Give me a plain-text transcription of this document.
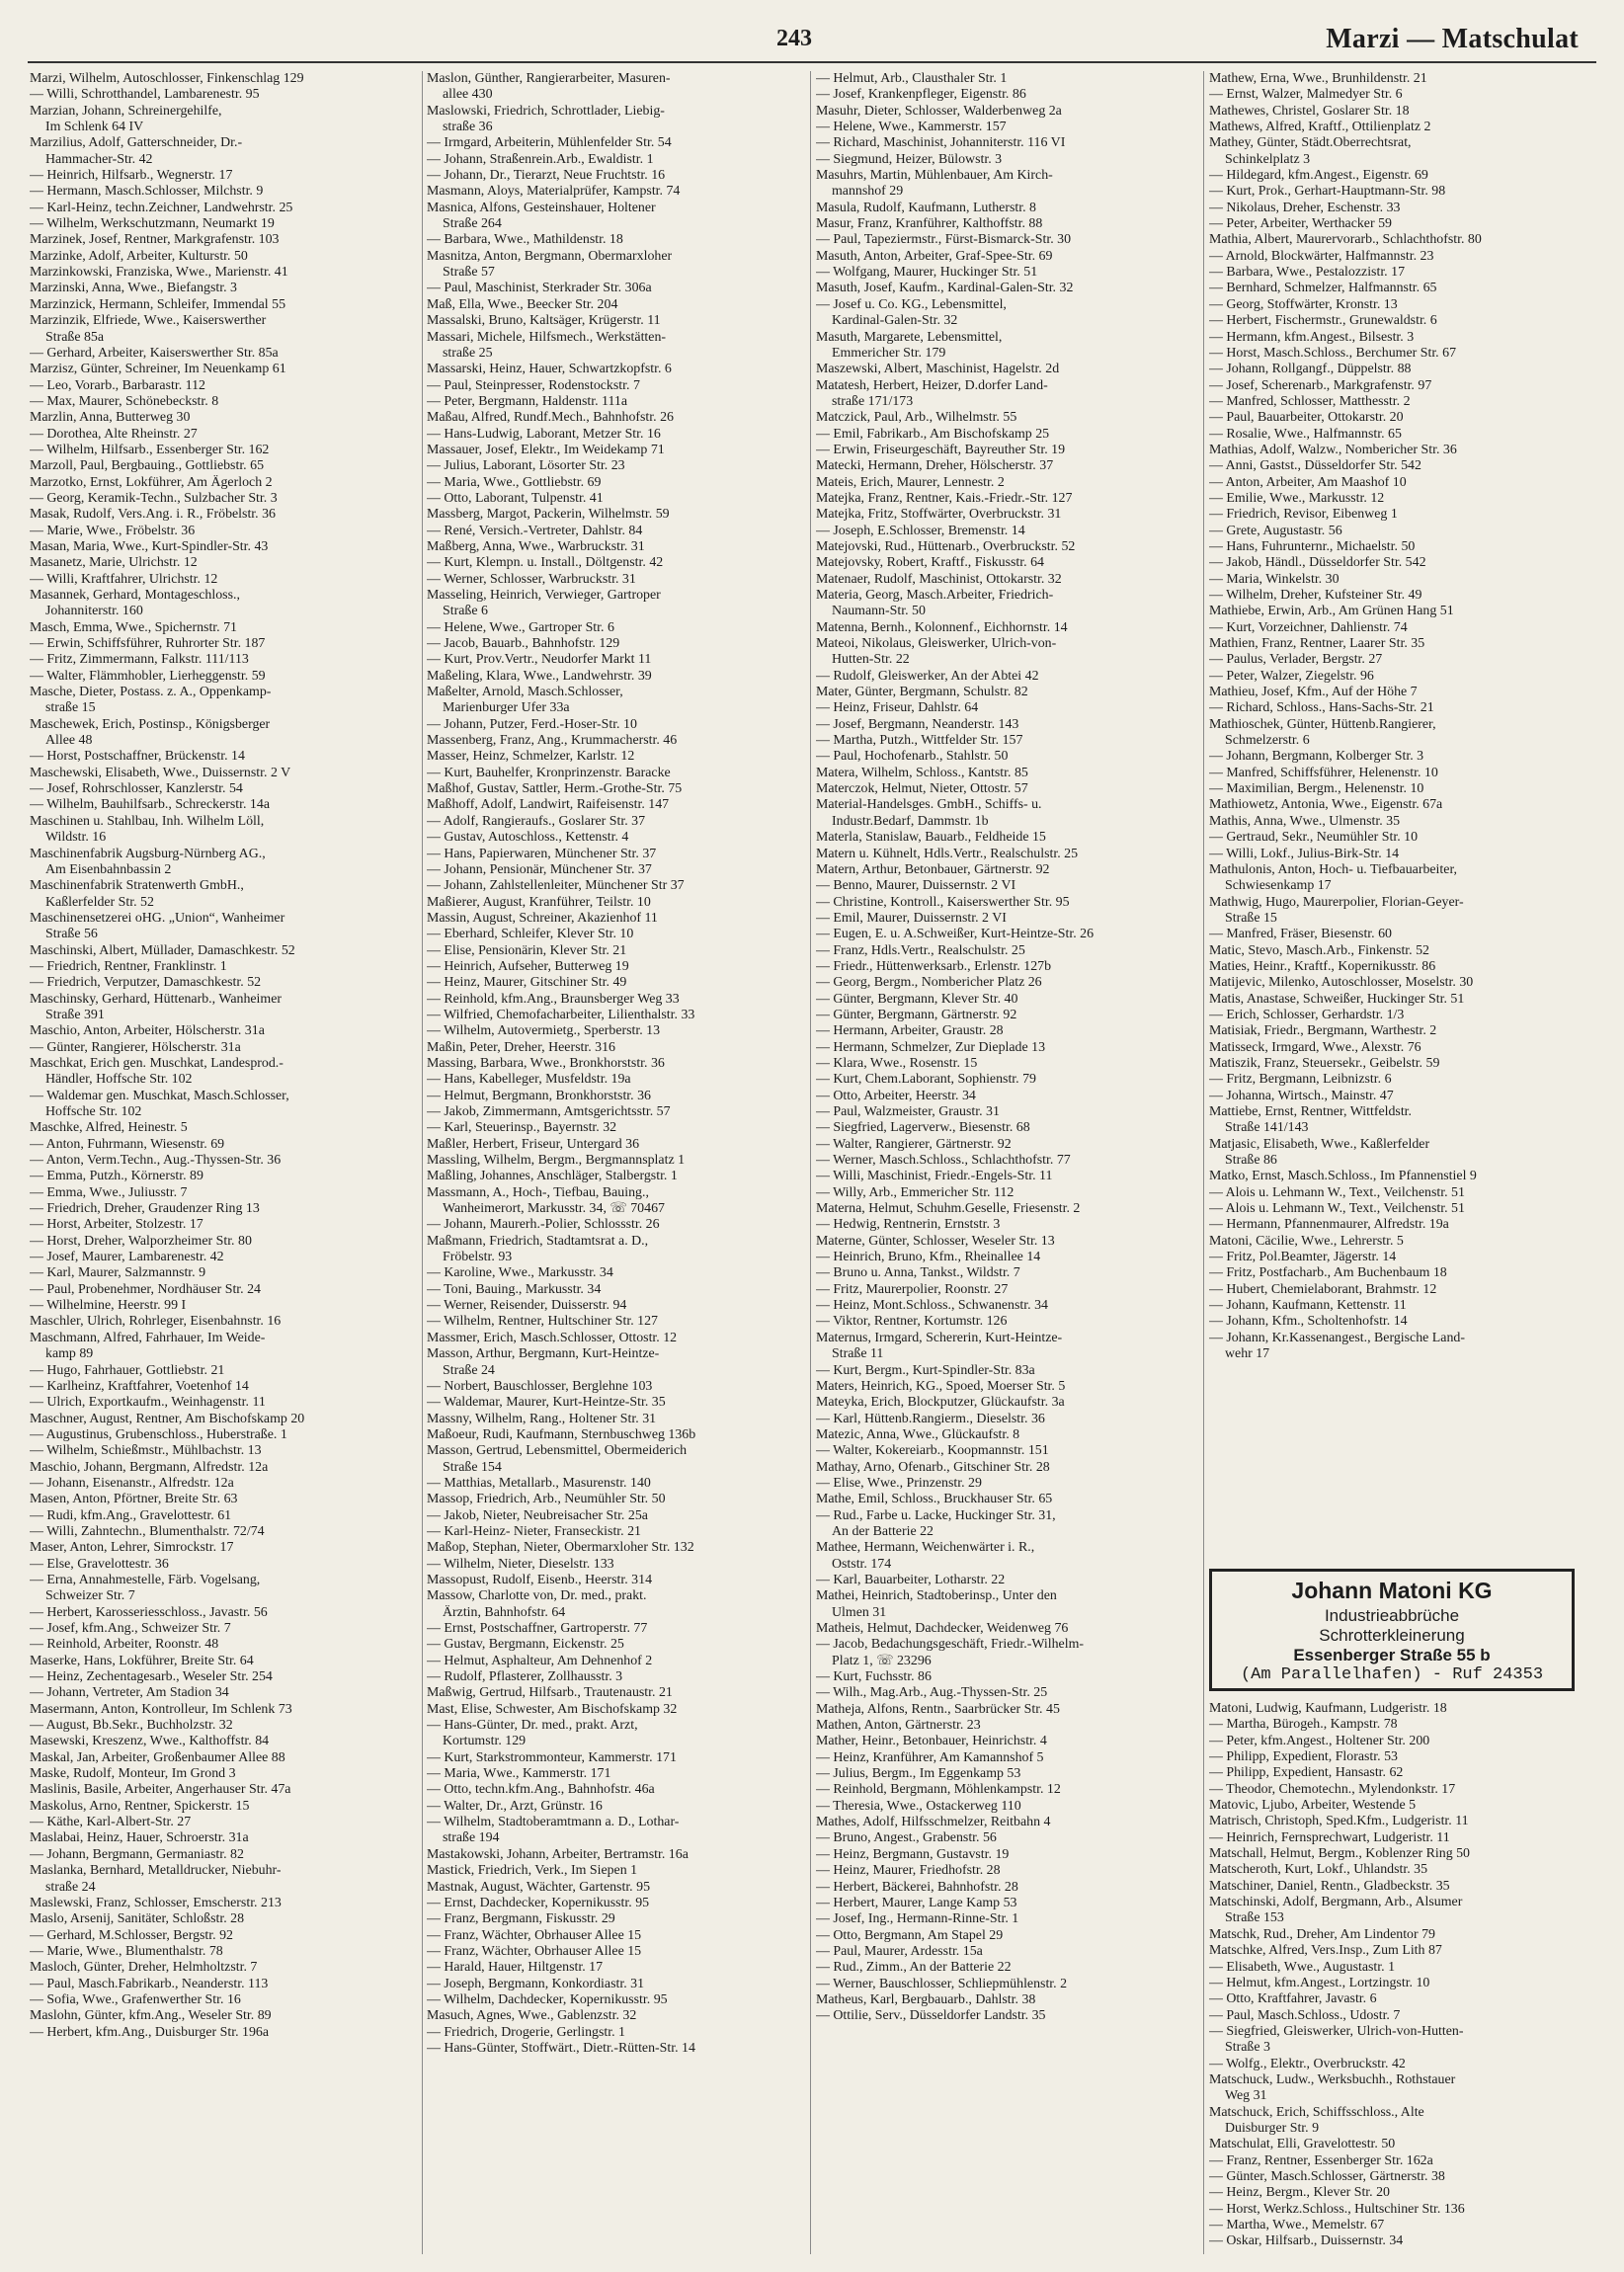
243	Marzi — Matschulat
Marzi, Wilhelm, Autoschlosser, Finkenschlag 129
— Willi, Schrotthandel, Lambarenestr. 95
Marzian, Johann, Schreinergehilfe,
Im Schlenk 64 IV
Marzilius, Adolf, Gatterschneider, Dr.-
Hammacher-Str. 42
— Heinrich, Hilfsarb., Wegnerstr. 17
— Hermann, Masch.Schlosser, Milchstr. 9
— Karl-Heinz, techn.Zeichner, Landwehrstr. 25
— Wilhelm, Werkschutzmann, Neumarkt 19
Marzinek, Josef, Rentner, Markgrafenstr. 103
Marzinke, Adolf, Arbeiter, Kulturstr. 50
Marzinkowski, Franziska, Wwe., Marienstr. 41
Marzinski, Anna, Wwe., Biefangstr. 3
Marzinzick, Hermann, Schleifer, Immendal 55
Marzinzik, Elfriede, Wwe., Kaiserswerther
Straße 85a
— Gerhard, Arbeiter, Kaiserswerther Str. 85a
Marzisz, Günter, Schreiner, Im Neuenkamp 61
— Leo, Vorarb., Barbarastr. 112
— Max, Maurer, Schönebeckstr. 8
Marzlin, Anna, Butterweg 30
— Dorothea, Alte Rheinstr. 27
— Wilhelm, Hilfsarb., Essenberger Str. 162
Marzoll, Paul, Bergbauing., Gottliebstr. 65
Marzotko, Ernst, Lokführer, Am Ägerloch 2
— Georg, Keramik-Techn., Sulzbacher Str. 3
Masak, Rudolf, Vers.Ang. i. R., Fröbelstr. 36
— Marie, Wwe., Fröbelstr. 36
Masan, Maria, Wwe., Kurt-Spindler-Str. 43
Masanetz, Marie, Ulrichstr. 12
— Willi, Kraftfahrer, Ulrichstr. 12
Masannek, Gerhard, Montageschloss.,
Johanniterstr. 160
Masch, Emma, Wwe., Spichernstr. 71
— Erwin, Schiffsführer, Ruhrorter Str. 187
— Fritz, Zimmermann, Falkstr. 111/113
— Walter, Flämmhobler, Lierheggenstr. 59
Masche, Dieter, Postass. z. A., Oppenkamp-
straße 15
Maschewek, Erich, Postinsp., Königsberger
Allee 48
— Horst, Postschaffner, Brückenstr. 14
Maschewski, Elisabeth, Wwe., Duissernstr. 2 V
— Josef, Rohrschlosser, Kanzlerstr. 54
— Wilhelm, Bauhilfsarb., Schreckerstr. 14a
Maschinen u. Stahlbau, Inh. Wilhelm Löll,
Wildstr. 16
Maschinenfabrik Augsburg-Nürnberg AG.,
Am Eisenbahnbassin 2
Maschinenfabrik Stratenwerth GmbH.,
Kaßlerfelder Str. 52
Maschinensetzerei oHG. „Union“, Wanheimer
Straße 56
Maschinski, Albert, Müllader, Damaschkestr. 52
— Friedrich, Rentner, Franklinstr. 1
— Friedrich, Verputzer, Damaschkestr. 52
Maschinsky, Gerhard, Hüttenarb., Wanheimer
Straße 391
Maschio, Anton, Arbeiter, Hölscherstr. 31a
— Günter, Rangierer, Hölscherstr. 31a
Maschkat, Erich gen. Muschkat, Landesprod.-
Händler, Hoffsche Str. 102
— Waldemar gen. Muschkat, Masch.Schlosser,
Hoffsche Str. 102
Maschke, Alfred, Heinestr. 5
— Anton, Fuhrmann, Wiesenstr. 69
— Anton, Verm.Techn., Aug.-Thyssen-Str. 36
— Emma, Putzh., Körnerstr. 89
— Emma, Wwe., Juliusstr. 7
— Friedrich, Dreher, Graudenzer Ring 13
— Horst, Arbeiter, Stolzestr. 17
— Horst, Dreher, Walporzheimer Str. 80
— Josef, Maurer, Lambarenestr. 42
— Karl, Maurer, Salzmannstr. 9
— Paul, Probenehmer, Nordhäuser Str. 24
— Wilhelmine, Heerstr. 99 I
Maschler, Ulrich, Rohrleger, Eisenbahnstr. 16
Maschmann, Alfred, Fahrhauer, Im Weide-
kamp 89
— Hugo, Fahrhauer, Gottliebstr. 21
— Karlheinz, Kraftfahrer, Voetenhof 14
— Ulrich, Exportkaufm., Weinhagenstr. 11
Maschner, August, Rentner, Am Bischofskamp 20
— Augustinus, Grubenschloss., Huberstraße. 1
— Wilhelm, Schießmstr., Mühlbachstr. 13
Maschio, Johann, Bergmann, Alfredstr. 12a
— Johann, Eisenanstr., Alfredstr. 12a
Masen, Anton, Pförtner, Breite Str. 63
— Rudi, kfm.Ang., Gravelottestr. 61
— Willi, Zahntechn., Blumenthalstr. 72/74
Maser, Anton, Lehrer, Simrockstr. 17
— Else, Gravelottestr. 36
— Erna, Annahmestelle, Färb. Vogelsang,
Schweizer Str. 7
— Herbert, Karosseriesschloss., Javastr. 56
— Josef, kfm.Ang., Schweizer Str. 7
— Reinhold, Arbeiter, Roonstr. 48
Maserke, Hans, Lokführer, Breite Str. 64
— Heinz, Zechentagesarb., Weseler Str. 254
— Johann, Vertreter, Am Stadion 34
Masermann, Anton, Kontrolleur, Im Schlenk 73
— August, Bb.Sekr., Buchholzstr. 32
Masewski, Kreszenz, Wwe., Kalthoffstr. 84
Maskal, Jan, Arbeiter, Großenbaumer Allee 88
Maske, Rudolf, Monteur, Im Grond 3
Maslinis, Basile, Arbeiter, Angerhauser Str. 47a
Maskolus, Arno, Rentner, Spickerstr. 15
— Käthe, Karl-Albert-Str. 27
Maslabai, Heinz, Hauer, Schroerstr. 31a
— Johann, Bergmann, Germaniastr. 82
Maslanka, Bernhard, Metalldrucker, Niebuhr-
straße 24
Maslewski, Franz, Schlosser, Emscherstr. 213
Maslo, Arsenij, Sanitäter, Schloßstr. 28
— Gerhard, M.Schlosser, Bergstr. 92
— Marie, Wwe., Blumenthalstr. 78
Masloch, Günter, Dreher, Helmholtzstr. 7
— Paul, Masch.Fabrikarb., Neanderstr. 113
— Sofia, Wwe., Grafenwerther Str. 16
Maslohn, Günter, kfm.Ang., Weseler Str. 89
— Herbert, kfm.Ang., Duisburger Str. 196a
Maslon, Günther, Rangierarbeiter, Masuren-
allee 430
Maslowski, Friedrich, Schrottlader, Liebig-
straße 36
— Irmgard, Arbeiterin, Mühlenfelder Str. 54
— Johann, Straßenrein.Arb., Ewaldistr. 1
— Johann, Dr., Tierarzt, Neue Fruchtstr. 16
Masmann, Aloys, Materialprüfer, Kampstr. 74
Masnica, Alfons, Gesteinshauer, Holtener
Straße 264
— Barbara, Wwe., Mathildenstr. 18
Masnitza, Anton, Bergmann, Obermarxloher
Straße 57
— Paul, Maschinist, Sterkrader Str. 306a
Maß, Ella, Wwe., Beecker Str. 204
Massalski, Bruno, Kaltsäger, Krügerstr. 11
Massari, Michele, Hilfsmech., Werkstätten-
straße 25
Massarski, Heinz, Hauer, Schwartzkopfstr. 6
— Paul, Steinpresser, Rodenstockstr. 7
— Peter, Bergmann, Haldenstr. 111a
Maßau, Alfred, Rundf.Mech., Bahnhofstr. 26
— Hans-Ludwig, Laborant, Metzer Str. 16
Massauer, Josef, Elektr., Im Weidekamp 71
— Julius, Laborant, Lösorter Str. 23
— Maria, Wwe., Gottliebstr. 69
— Otto, Laborant, Tulpenstr. 41
Massberg, Margot, Packerin, Wilhelmstr. 59
— René, Versich.-Vertreter, Dahlstr. 84
Maßberg, Anna, Wwe., Warbruckstr. 31
— Kurt, Klempn. u. Install., Döltgenstr. 42
— Werner, Schlosser, Warbruckstr. 31
Masseling, Heinrich, Verwieger, Gartroper
Straße 6
— Helene, Wwe., Gartroper Str. 6
— Jacob, Bauarb., Bahnhofstr. 129
— Kurt, Prov.Vertr., Neudorfer Markt 11
Maßeling, Klara, Wwe., Landwehrstr. 39
Maßelter, Arnold, Masch.Schlosser,
Marienburger Ufer 33a
— Johann, Putzer, Ferd.-Hoser-Str. 10
Massenberg, Franz, Ang., Krummacherstr. 46
Masser, Heinz, Schmelzer, Karlstr. 12
— Kurt, Bauhelfer, Kronprinzenstr. Baracke
Maßhof, Gustav, Sattler, Herm.-Grothe-Str. 75
Maßhoff, Adolf, Landwirt, Raifeisenstr. 147
— Adolf, Rangieraufs., Goslarer Str. 37
— Gustav, Autoschloss., Kettenstr. 4
— Hans, Papierwaren, Münchener Str. 37
— Johann, Pensionär, Münchener Str. 37
— Johann, Zahlstellenleiter, Münchener Str 37
Maßierer, August, Kranführer, Teilstr. 10
Massin, August, Schreiner, Akazienhof 11
— Eberhard, Schleifer, Klever Str. 10
— Elise, Pensionärin, Klever Str. 21
— Heinrich, Aufseher, Butterweg 19
— Heinz, Maurer, Gitschiner Str. 49
— Reinhold, kfm.Ang., Braunsberger Weg 33
— Wilfried, Chemofacharbeiter, Lilienthalstr. 33
— Wilhelm, Autovermietg., Sperberstr. 13
Maßin, Peter, Dreher, Heerstr. 316
Massing, Barbara, Wwe., Bronkhorststr. 36
— Hans, Kabelleger, Musfeldstr. 19a
— Helmut, Bergmann, Bronkhorststr. 36
— Jakob, Zimmermann, Amtsgerichtsstr. 57
— Karl, Steuerinsp., Bayernstr. 32
Maßler, Herbert, Friseur, Untergard 36
Massling, Wilhelm, Bergm., Bergmannsplatz 1
Maßling, Johannes, Anschläger, Stalbergstr. 1
Massmann, A., Hoch-, Tiefbau, Bauing.,
Wanheimerort, Markusstr. 34, ☏ 70467
— Johann, Maurerh.-Polier, Schlossstr. 26
Maßmann, Friedrich, Stadtamtsrat a. D.,
Fröbelstr. 93
— Karoline, Wwe., Markusstr. 34
— Toni, Bauing., Markusstr. 34
— Werner, Reisender, Duisserstr. 94
— Wilhelm, Rentner, Hultschiner Str. 127
Massmer, Erich, Masch.Schlosser, Ottostr. 12
Masson, Arthur, Bergmann, Kurt-Heintze-
Straße 24
— Norbert, Bauschlosser, Berglehne 103
— Waldemar, Maurer, Kurt-Heintze-Str. 35
Massny, Wilhelm, Rang., Holtener Str. 31
Maßoeur, Rudi, Kaufmann, Sternbuschweg 136b
Masson, Gertrud, Lebensmittel, Obermeiderich
Straße 154
— Matthias, Metallarb., Masurenstr. 140
Massop, Friedrich, Arb., Neumühler Str. 50
— Jakob, Nieter, Neubreisacher Str. 25a
— Karl-Heinz- Nieter, Franseckistr. 21
Maßop, Stephan, Nieter, Obermarxloher Str. 132
— Wilhelm, Nieter, Dieselstr. 133
Massopust, Rudolf, Eisenb., Heerstr. 314
Massow, Charlotte von, Dr. med., prakt.
Ärztin, Bahnhofstr. 64
— Ernst, Postschaffner, Gartroperstr. 77
— Gustav, Bergmann, Eickenstr. 25
— Helmut, Asphalteur, Am Dehnenhof 2
— Rudolf, Pflasterer, Zollhausstr. 3
Maßwig, Gertrud, Hilfsarb., Trautenaustr. 21
Mast, Elise, Schwester, Am Bischofskamp 32
— Hans-Günter, Dr. med., prakt. Arzt,
Kortumstr. 129
— Kurt, Starkstrommonteur, Kammerstr. 171
— Maria, Wwe., Kammerstr. 171
— Otto, techn.kfm.Ang., Bahnhofstr. 46a
— Walter, Dr., Arzt, Grünstr. 16
— Wilhelm, Stadtoberamtmann a. D., Lothar-
straße 194
Mastakowski, Johann, Arbeiter, Bertramstr. 16a
Mastick, Friedrich, Verk., Im Siepen 1
Mastnak, August, Wächter, Gartenstr. 95
— Ernst, Dachdecker, Kopernikusstr. 95
— Franz, Bergmann, Fiskusstr. 29
— Franz, Wächter, Obrhauser Allee 15
— Franz, Wächter, Obrhauser Allee 15
— Harald, Hauer, Hiltgenstr. 17
— Joseph, Bergmann, Konkordiastr. 31
— Wilhelm, Dachdecker, Kopernikusstr. 95
Masuch, Agnes, Wwe., Gablenzstr. 32
— Friedrich, Drogerie, Gerlingstr. 1
— Hans-Günter, Stoffwärt., Dietr.-Rütten-Str. 14
— Helmut, Arb., Clausthaler Str. 1
— Josef, Krankenpfleger, Eigenstr. 86
Masuhr, Dieter, Schlosser, Walderbenweg 2a
— Helene, Wwe., Kammerstr. 157
— Richard, Maschinist, Johanniterstr. 116 VI
— Siegmund, Heizer, Bülowstr. 3
Masuhrs, Martin, Mühlenbauer, Am Kirch-
mannshof 29
Masula, Rudolf, Kaufmann, Lutherstr. 8
Masur, Franz, Kranführer, Kalthoffstr. 88
— Paul, Tapeziermstr., Fürst-Bismarck-Str. 30
Masuth, Anton, Arbeiter, Graf-Spee-Str. 69
— Wolfgang, Maurer, Huckinger Str. 51
Masuth, Josef, Kaufm., Kardinal-Galen-Str. 32
— Josef u. Co. KG., Lebensmittel,
Kardinal-Galen-Str. 32
Masuth, Margarete, Lebensmittel,
Emmericher Str. 179
Maszewski, Albert, Maschinist, Hagelstr. 2d
Matatesh, Herbert, Heizer, D.dorfer Land-
straße 171/173
Matczick, Paul, Arb., Wilhelmstr. 55
— Emil, Fabrikarb., Am Bischofskamp 25
— Erwin, Friseurgeschäft, Bayreuther Str. 19
Matecki, Hermann, Dreher, Hölscherstr. 37
Mateis, Erich, Maurer, Lennestr. 2
Matejka, Franz, Rentner, Kais.-Friedr.-Str. 127
Matejka, Fritz, Stoffwärter, Overbruckstr. 31
— Joseph, E.Schlosser, Bremenstr. 14
Matejovski, Rud., Hüttenarb., Overbruckstr. 52
Matejovsky, Robert, Kraftf., Fiskusstr. 64
Matenaer, Rudolf, Maschinist, Ottokarstr. 32
Materia, Georg, Masch.Arbeiter, Friedrich-
Naumann-Str. 50
Matenna, Bernh., Kolonnenf., Eichhornstr. 14
Mateoi, Nikolaus, Gleiswerker, Ulrich-von-
Hutten-Str. 22
— Rudolf, Gleiswerker, An der Abtei 42
Mater, Günter, Bergmann, Schulstr. 82
— Heinz, Friseur, Dahlstr. 64
— Josef, Bergmann, Neanderstr. 143
— Martha, Putzh., Wittfelder Str. 157
— Paul, Hochofenarb., Stahlstr. 50
Matera, Wilhelm, Schloss., Kantstr. 85
Materczok, Helmut, Nieter, Ottostr. 57
Material-Handelsges. GmbH., Schiffs- u.
Industr.Bedarf, Dammstr. 1b
Materla, Stanislaw, Bauarb., Feldheide 15
Matern u. Kühnelt, Hdls.Vertr., Realschulstr. 25
Matern, Arthur, Betonbauer, Gärtnerstr. 92
— Benno, Maurer, Duissernstr. 2 VI
— Christine, Kontroll., Kaiserswerther Str. 95
— Emil, Maurer, Duissernstr. 2 VI
— Eugen, E. u. A.Schweißer, Kurt-Heintze-Str. 26
— Franz, Hdls.Vertr., Realschulstr. 25
— Friedr., Hüttenwerksarb., Erlenstr. 127b
— Georg, Bergm., Nombericher Platz 26
— Günter, Bergmann, Klever Str. 40
— Günter, Bergmann, Gärtnerstr. 92
— Hermann, Arbeiter, Graustr. 28
— Hermann, Schmelzer, Zur Dieplade 13
— Klara, Wwe., Rosenstr. 15
— Kurt, Chem.Laborant, Sophienstr. 79
— Otto, Arbeiter, Heerstr. 34
— Paul, Walzmeister, Graustr. 31
— Siegfried, Lagerverw., Biesenstr. 68
— Walter, Rangierer, Gärtnerstr. 92
— Werner, Masch.Schloss., Schlachthofstr. 77
— Willi, Maschinist, Friedr.-Engels-Str. 11
— Willy, Arb., Emmericher Str. 112
Materna, Helmut, Schuhm.Geselle, Friesenstr. 2
— Hedwig, Rentnerin, Ernststr. 3
Materne, Günter, Schlosser, Weseler Str. 13
— Heinrich, Bruno, Kfm., Rheinallee 14
— Bruno u. Anna, Tankst., Wildstr. 7
— Fritz, Maurerpolier, Roonstr. 27
— Heinz, Mont.Schloss., Schwanenstr. 34
— Viktor, Rentner, Kortumstr. 126
Maternus, Irmgard, Schererin, Kurt-Heintze-
Straße 11
— Kurt, Bergm., Kurt-Spindler-Str. 83a
Maters, Heinrich, KG., Spoed, Moerser Str. 5
Mateyka, Erich, Blockputzer, Glückaufstr. 3a
— Karl, Hüttenb.Rangierm., Dieselstr. 36
Matezic, Anna, Wwe., Glückaufstr. 8
— Walter, Kokereiarb., Koopmannstr. 151
Mathay, Arno, Ofenarb., Gitschiner Str. 28
— Elise, Wwe., Prinzenstr. 29
Mathe, Emil, Schloss., Bruckhauser Str. 65
— Rud., Farbe u. Lacke, Huckinger Str. 31,
An der Batterie 22
Mathee, Hermann, Weichenwärter i. R.,
Oststr. 174
— Karl, Bauarbeiter, Lotharstr. 22
Mathei, Heinrich, Stadtoberinsp., Unter den
Ulmen 31
Matheis, Helmut, Dachdecker, Weidenweg 76
— Jacob, Bedachungsgeschäft, Friedr.-Wilhelm-
Platz 1, ☏ 23296
— Kurt, Fuchsstr. 86
— Wilh., Mag.Arb., Aug.-Thyssen-Str. 25
Matheja, Alfons, Rentn., Saarbrücker Str. 45
Mathen, Anton, Gärtnerstr. 23
Mather, Heinr., Betonbauer, Heinrichstr. 4
— Heinz, Kranführer, Am Kamannshof 5
— Julius, Bergm., Im Eggenkamp 53
— Reinhold, Bergmann, Möhlenkampstr. 12
— Theresia, Wwe., Ostackerweg 110
Mathes, Adolf, Hilfsschmelzer, Reitbahn 4
— Bruno, Angest., Grabenstr. 56
— Heinz, Bergmann, Gustavstr. 19
— Heinz, Maurer, Friedhofstr. 28
— Herbert, Bäckerei, Bahnhofstr. 28
— Herbert, Maurer, Lange Kamp 53
— Josef, Ing., Hermann-Rinne-Str. 1
— Otto, Bergmann, Am Stapel 29
— Paul, Maurer, Ardesstr. 15a
— Rud., Zimm., An der Batterie 22
— Werner, Bauschlosser, Schliepmühlenstr. 2
Matheus, Karl, Bergbauarb., Dahlstr. 38
— Ottilie, Serv., Düsseldorfer Landstr. 35
Mathew, Erna, Wwe., Brunhildenstr. 21
— Ernst, Walzer, Malmedyer Str. 6
Mathewes, Christel, Goslarer Str. 18
Mathews, Alfred, Kraftf., Ottilienplatz 2
Mathey, Günter, Städt.Oberrechtsrat,
Schinkelplatz 3
— Hildegard, kfm.Angest., Eigenstr. 69
— Kurt, Prok., Gerhart-Hauptmann-Str. 98
— Nikolaus, Dreher, Eschenstr. 33
— Peter, Arbeiter, Werthacker 59
Mathia, Albert, Maurervorarb., Schlachthofstr. 80
— Arnold, Blockwärter, Halfmannstr. 23
— Barbara, Wwe., Pestalozzistr. 17
— Bernhard, Schmelzer, Halfmannstr. 65
— Georg, Stoffwärter, Kronstr. 13
— Herbert, Fischermstr., Grunewaldstr. 6
— Hermann, kfm.Angest., Bilsestr. 3
— Horst, Masch.Schloss., Berchumer Str. 67
— Johann, Rollgangf., Düppelstr. 88
— Josef, Scherenarb., Markgrafenstr. 97
— Manfred, Schlosser, Matthesstr. 2
— Paul, Bauarbeiter, Ottokarstr. 20
— Rosalie, Wwe., Halfmannstr. 65
Mathias, Adolf, Walzw., Nombericher Str. 36
— Anni, Gastst., Düsseldorfer Str. 542
— Anton, Arbeiter, Am Maashof 10
— Emilie, Wwe., Markusstr. 12
— Friedrich, Revisor, Eibenweg 1
— Grete, Augustastr. 56
— Hans, Fuhrunternr., Michaelstr. 50
— Jakob, Händl., Düsseldorfer Str. 542
— Maria, Winkelstr. 30
— Wilhelm, Dreher, Kufsteiner Str. 49
Mathiebe, Erwin, Arb., Am Grünen Hang 51
— Kurt, Vorzeichner, Dahlienstr. 74
Mathien, Franz, Rentner, Laarer Str. 35
— Paulus, Verlader, Bergstr. 27
— Peter, Walzer, Ziegelstr. 96
Mathieu, Josef, Kfm., Auf der Höhe 7
— Richard, Schloss., Hans-Sachs-Str. 21
Mathioschek, Günter, Hüttenb.Rangierer,
Schmelzerstr. 6
— Johann, Bergmann, Kolberger Str. 3
— Manfred, Schiffsführer, Helenenstr. 10
— Maximilian, Bergm., Helenenstr. 10
Mathiowetz, Antonia, Wwe., Eigenstr. 67a
Mathis, Anna, Wwe., Ulmenstr. 35
— Gertraud, Sekr., Neumühler Str. 10
— Willi, Lokf., Julius-Birk-Str. 14
Mathulonis, Anton, Hoch- u. Tiefbauarbeiter,
Schwiesenkamp 17
Mathwig, Hugo, Maurerpolier, Florian-Geyer-
Straße 15
— Manfred, Fräser, Biesenstr. 60
Matic, Stevo, Masch.Arb., Finkenstr. 52
Maties, Heinr., Kraftf., Kopernikusstr. 86
Matijevic, Milenko, Autoschlosser, Moselstr. 30
Matis, Anastase, Schweißer, Huckinger Str. 51
— Erich, Schlosser, Gerhardstr. 1/3
Matisiak, Friedr., Bergmann, Warthestr. 2
Matisseck, Irmgard, Wwe., Alexstr. 76
Matiszik, Franz, Steuersekr., Geibelstr. 59
— Fritz, Bergmann, Leibnizstr. 6
— Johanna, Wirtsch., Mainstr. 47
Mattiebe, Ernst, Rentner, Wittfeldstr.
Straße 141/143
Matjasic, Elisabeth, Wwe., Kaßlerfelder
Straße 86
Matko, Ernst, Masch.Schloss., Im Pfannenstiel 9
— Alois u. Lehmann W., Text., Veilchenstr. 51
— Alois u. Lehmann W., Text., Veilchenstr. 51
— Hermann, Pfannenmaurer, Alfredstr. 19a
Matoni, Cäcilie, Wwe., Lehrerstr. 5
— Fritz, Pol.Beamter, Jägerstr. 14
— Fritz, Postfacharb., Am Buchenbaum 18
— Hubert, Chemielaborant, Brahmstr. 12
— Johann, Kaufmann, Kettenstr. 11
— Johann, Kfm., Scholtenhofstr. 14
— Johann, Kr.Kassenangest., Bergische Land-
wehr 17
Johann Matoni KG
Industrieabbrüche
Schrotterkleinerung
Essenberger Straße 55 b
(Am Parallelhafen) - Ruf 24353
Matoni, Ludwig, Kaufmann, Ludgeristr. 18
— Martha, Bürogeh., Kampstr. 78
— Peter, kfm.Angest., Holtener Str. 200
— Philipp, Expedient, Florastr. 53
— Philipp, Expedient, Hansastr. 62
— Theodor, Chemotechn., Mylendonkstr. 17
Matovic, Ljubo, Arbeiter, Westende 5
Matrisch, Christoph, Sped.Kfm., Ludgeristr. 11
— Heinrich, Fernsprechwart, Ludgeristr. 11
Matschall, Helmut, Bergm., Koblenzer Ring 50
Matscheroth, Kurt, Lokf., Uhlandstr. 35
Matschiner, Daniel, Rentn., Gladbeckstr. 35
Matschinski, Adolf, Bergmann, Arb., Alsumer
Straße 153
Matschk, Rud., Dreher, Am Lindentor 79
Matschke, Alfred, Vers.Insp., Zum Lith 87
— Elisabeth, Wwe., Augustastr. 1
— Helmut, kfm.Angest., Lortzingstr. 10
— Otto, Kraftfahrer, Javastr. 6
— Paul, Masch.Schloss., Udostr. 7
— Siegfried, Gleiswerker, Ulrich-von-Hutten-
Straße 3
— Wolfg., Elektr., Overbruckstr. 42
Matschuck, Ludw., Werksbuchh., Rothstauer
Weg 31
Matschuck, Erich, Schiffsschloss., Alte
Duisburger Str. 9
Matschulat, Elli, Gravelottestr. 50
— Franz, Rentner, Essenberger Str. 162a
— Günter, Masch.Schlosser, Gärtnerstr. 38
— Heinz, Bergm., Klever Str. 20
— Horst, Werkz.Schloss., Hultschiner Str. 136
— Martha, Wwe., Memelstr. 67
— Oskar, Hilfsarb., Duissernstr. 34
